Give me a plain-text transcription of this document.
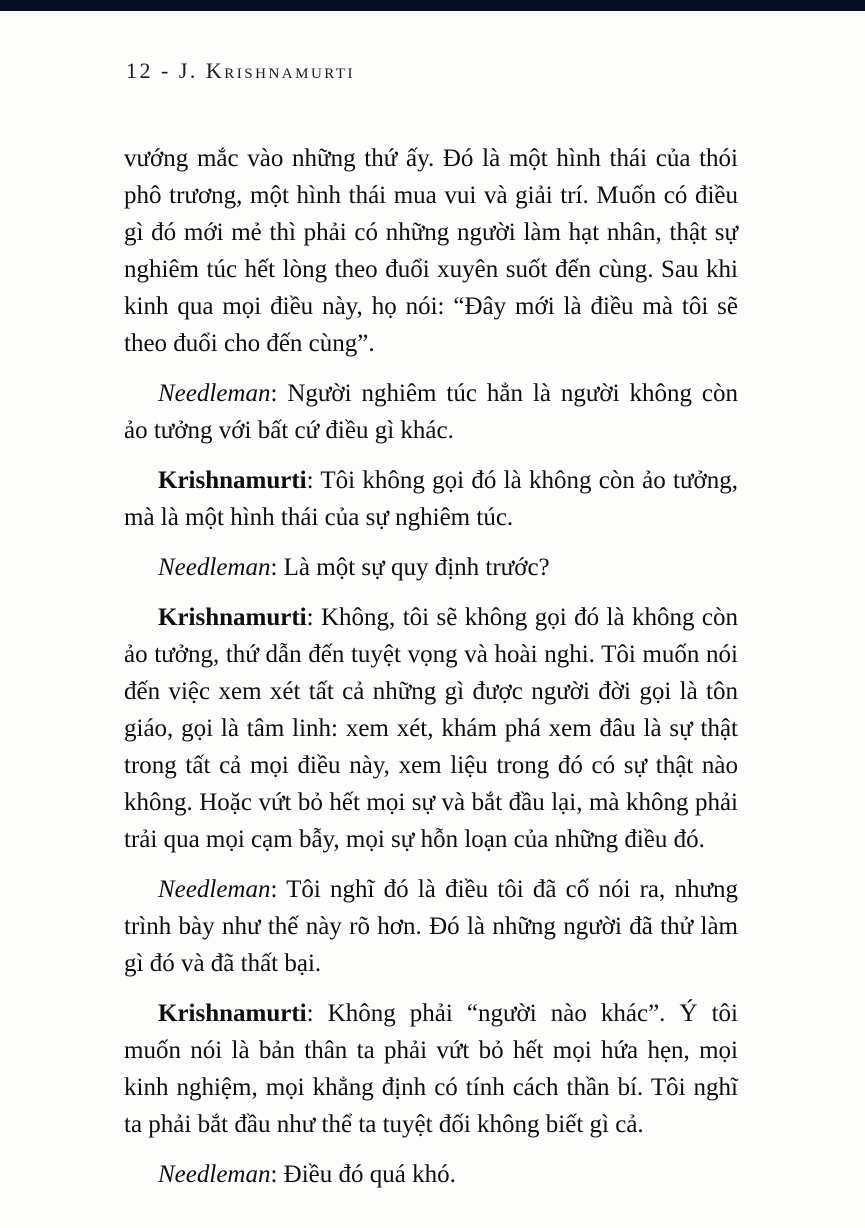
12 - J. Krishnamurti

vướng mắc vào những thứ ấy. Đó là một hình thái của thói phô trương, một hình thái mua vui và giải trí. Muốn có điều gì đó mới mẻ thì phải có những người làm hạt nhân, thật sự nghiêm túc hết lòng theo đuổi xuyên suốt đến cùng. Sau khi kinh qua mọi điều này, họ nói: “Đây mới là điều mà tôi sẽ theo đuổi cho đến cùng”.

Needleman: Người nghiêm túc hẳn là người không còn ảo tưởng với bất cứ điều gì khác.

Krishnamurti: Tôi không gọi đó là không còn ảo tưởng, mà là một hình thái của sự nghiêm túc.

Needleman: Là một sự quy định trước?

Krishnamurti: Không, tôi sẽ không gọi đó là không còn ảo tưởng, thứ dẫn đến tuyệt vọng và hoài nghi. Tôi muốn nói đến việc xem xét tất cả những gì được người đời gọi là tôn giáo, gọi là tâm linh: xem xét, khám phá xem đâu là sự thật trong tất cả mọi điều này, xem liệu trong đó có sự thật nào không. Hoặc vứt bỏ hết mọi sự và bắt đầu lại, mà không phải trải qua mọi cạm bẫy, mọi sự hỗn loạn của những điều đó.

Needleman: Tôi nghĩ đó là điều tôi đã cố nói ra, nhưng trình bày như thế này rõ hơn. Đó là những người đã thử làm gì đó và đã thất bại.

Krishnamurti: Không phải “người nào khác”. Ý tôi muốn nói là bản thân ta phải vứt bỏ hết mọi hứa hẹn, mọi kinh nghiệm, mọi khẳng định có tính cách thần bí. Tôi nghĩ ta phải bắt đầu như thể ta tuyệt đối không biết gì cả.

Needleman: Điều đó quá khó.
